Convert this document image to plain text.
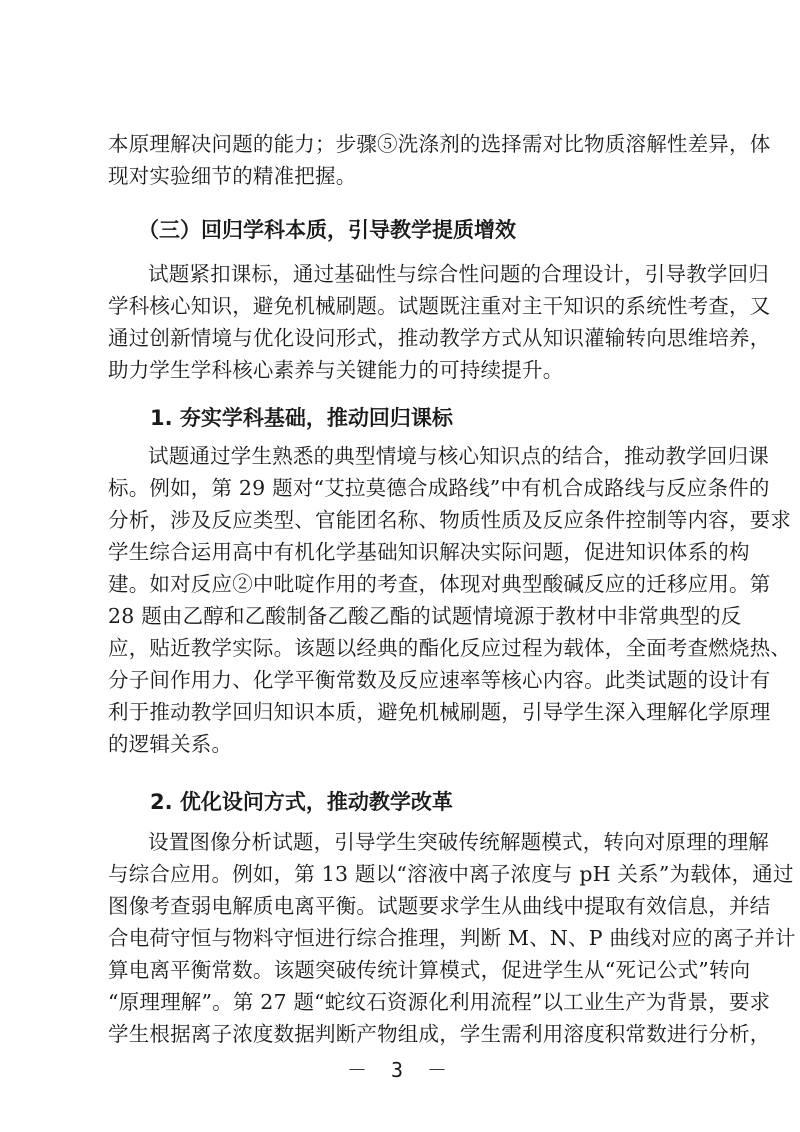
本原理解决问题的能力；步骤⑤洗涤剂的选择需对比物质溶解性差异，体
现对实验细节的精准把握。
（三）回归学科本质，引导教学提质增效
试题紧扣课标，通过基础性与综合性问题的合理设计，引导教学回归
学科核心知识，避免机械刷题。试题既注重对主干知识的系统性考查，又
通过创新情境与优化设问形式，推动教学方式从知识灌输转向思维培养，
助力学生学科核心素养与关键能力的可持续提升。
1. 夯实学科基础，推动回归课标
试题通过学生熟悉的典型情境与核心知识点的结合，推动教学回归课
标。例如，第 29 题对“艾拉莫德合成路线”中有机合成路线与反应条件的
分析，涉及反应类型、官能团名称、物质性质及反应条件控制等内容，要求
学生综合运用高中有机化学基础知识解决实际问题，促进知识体系的构
建。如对反应②中吡啶作用的考查，体现对典型酸碱反应的迁移应用。第
28 题由乙醇和乙酸制备乙酸乙酯的试题情境源于教材中非常典型的反
应，贴近教学实际。该题以经典的酯化反应过程为载体，全面考查燃烧热、
分子间作用力、化学平衡常数及反应速率等核心内容。此类试题的设计有
利于推动教学回归知识本质，避免机械刷题，引导学生深入理解化学原理
的逻辑关系。
2. 优化设问方式，推动教学改革
设置图像分析试题，引导学生突破传统解题模式，转向对原理的理解
与综合应用。例如，第 13 题以“溶液中离子浓度与 pH 关系”为载体，通过
图像考查弱电解质电离平衡。试题要求学生从曲线中提取有效信息，并结
合电荷守恒与物料守恒进行综合推理，判断 M、N、P 曲线对应的离子并计
算电离平衡常数。该题突破传统计算模式，促进学生从“死记公式”转向
“原理理解”。第 27 题“蛇纹石资源化利用流程”以工业生产为背景，要求
学生根据离子浓度数据判断产物组成，学生需利用溶度积常数进行分析，
－ 3 －
